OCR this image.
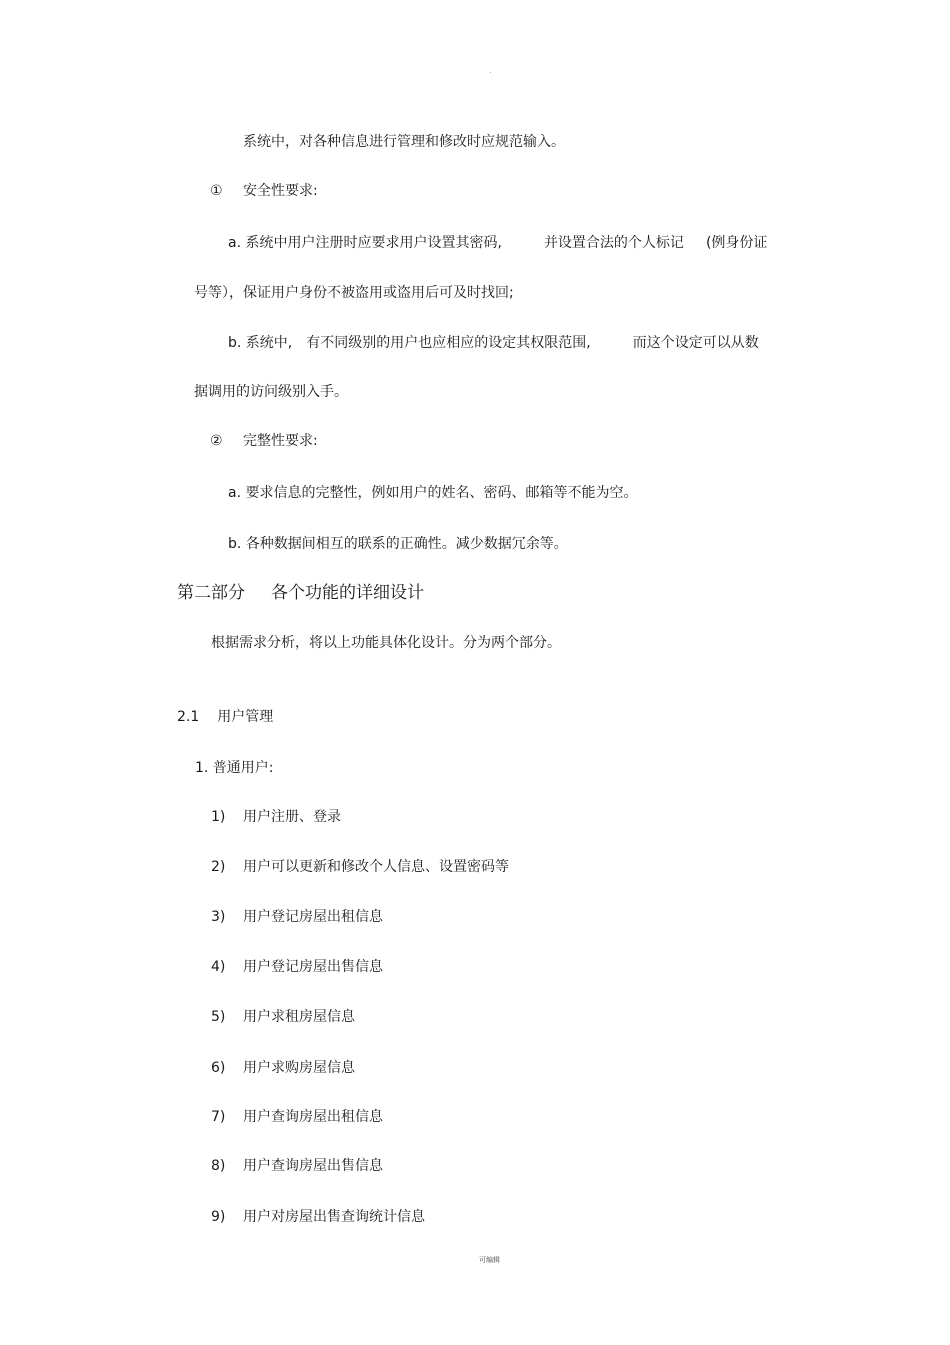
系统中，对各种信息进行管理和修改时应规范输入。
① 安全性要求:
a. 系统中用户注册时应要求用户设置其密码,	并设置合法的个人标记 (例身份证
号等），保证用户身份不被盗用或盗用后可及时找回;
b. 系统中, 有不同级别的用户也应相应的设定其权限范围,	而这个设定可以从数
据调用的访问级别入手。
② 完整性要求:
a. 要求信息的完整性，例如用户的姓名、密码、邮箱等不能为空。
b. 各种数据间相互的联系的正确性。减少数据冗余等。
第二部分 各个功能的详细设计
根据需求分析，将以上功能具体化设计。分为两个部分。
2.1 用户管理
1. 普通用户:
1) 用户注册、登录
2) 用户可以更新和修改个人信息、设置密码等
3) 用户登记房屋出租信息
4) 用户登记房屋出售信息
5) 用户求租房屋信息
6) 用户求购房屋信息
7) 用户查询房屋出租信息
8) 用户查询房屋出售信息
9) 用户对房屋出售查询统计信息
可编辑
